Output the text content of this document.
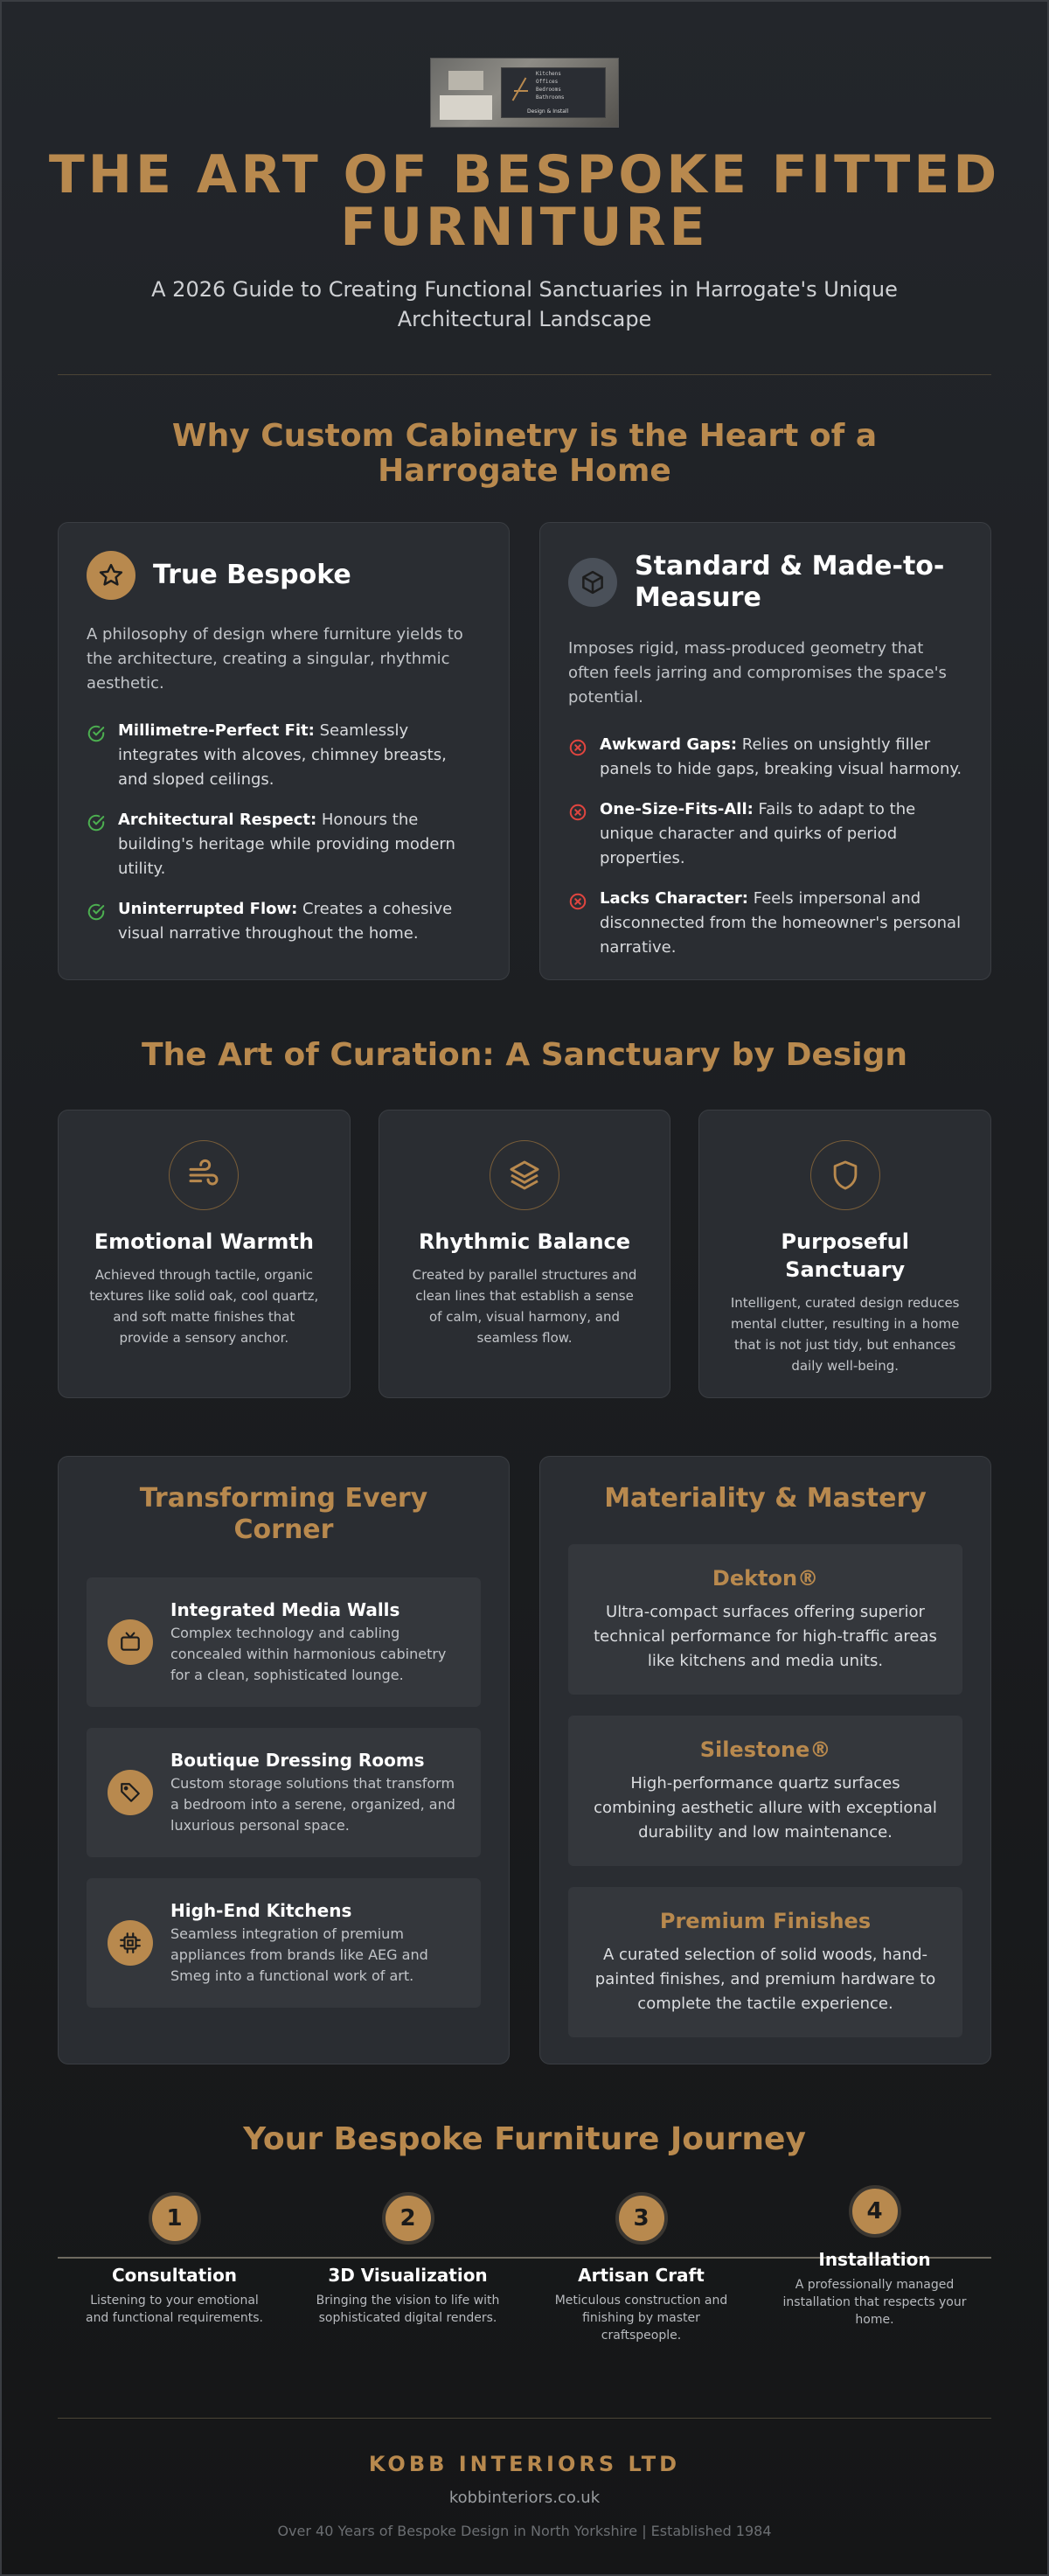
Kitchens
Offices
Bedrooms
Bathrooms
Design & Install
THE ART OF BESPOKE FITTED FURNITURE

A 2026 Guide to Creating Functional Sanctuaries in Harrogate's Unique Architectural Landscape

Why Custom Cabinetry is the Heart of a Harrogate Home
True Bespoke

A philosophy of design where furniture yields to the architecture, creating a singular, rhythmic aesthetic.

Millimetre-Perfect Fit: Seamlessly integrates with alcoves, chimney breasts, and sloped ceilings.
Architectural Respect: Honours the building's heritage while providing modern utility.
Uninterrupted Flow: Creates a cohesive visual narrative throughout the home.
Standard & Made-to-Measure

Imposes rigid, mass-produced geometry that often feels jarring and compromises the space's potential.

Awkward Gaps: Relies on unsightly filler panels to hide gaps, breaking visual harmony.
One-Size-Fits-All: Fails to adapt to the unique character and quirks of period properties.
Lacks Character: Feels impersonal and disconnected from the homeowner's personal narrative.
The Art of Curation: A Sanctuary by Design
Emotional Warmth

Achieved through tactile, organic textures like solid oak, cool quartz, and soft matte finishes that provide a sensory anchor.

Rhythmic Balance

Created by parallel structures and clean lines that establish a sense of calm, visual harmony, and seamless flow.

Purposeful Sanctuary

Intelligent, curated design reduces mental clutter, resulting in a home that is not just tidy, but enhances daily well-being.

Transforming Every Corner
Integrated Media Walls

Complex technology and cabling concealed within harmonious cabinetry for a clean, sophisticated lounge.

Boutique Dressing Rooms

Custom storage solutions that transform a bedroom into a serene, organized, and luxurious personal space.

High-End Kitchens

Seamless integration of premium appliances from brands like AEG and Smeg into a functional work of art.

Materiality & Mastery
Dekton®

Ultra-compact surfaces offering superior technical performance for high-traffic areas like kitchens and media units.

Silestone®

High-performance quartz surfaces combining aesthetic allure with exceptional durability and low maintenance.

Premium Finishes

A curated selection of solid woods, hand-painted finishes, and premium hardware to complete the tactile experience.

Your Bespoke Furniture Journey
1
Consultation

Listening to your emotional and functional requirements.

2
3D Visualization

Bringing the vision to life with sophisticated digital renders.

3
Artisan Craft

Meticulous construction and finishing by master craftspeople.

4
Installation

A professionally managed installation that respects your home.

KOBB INTERIORS LTD
kobbinteriors.co.uk
Over 40 Years of Bespoke Design in North Yorkshire | Established 1984
